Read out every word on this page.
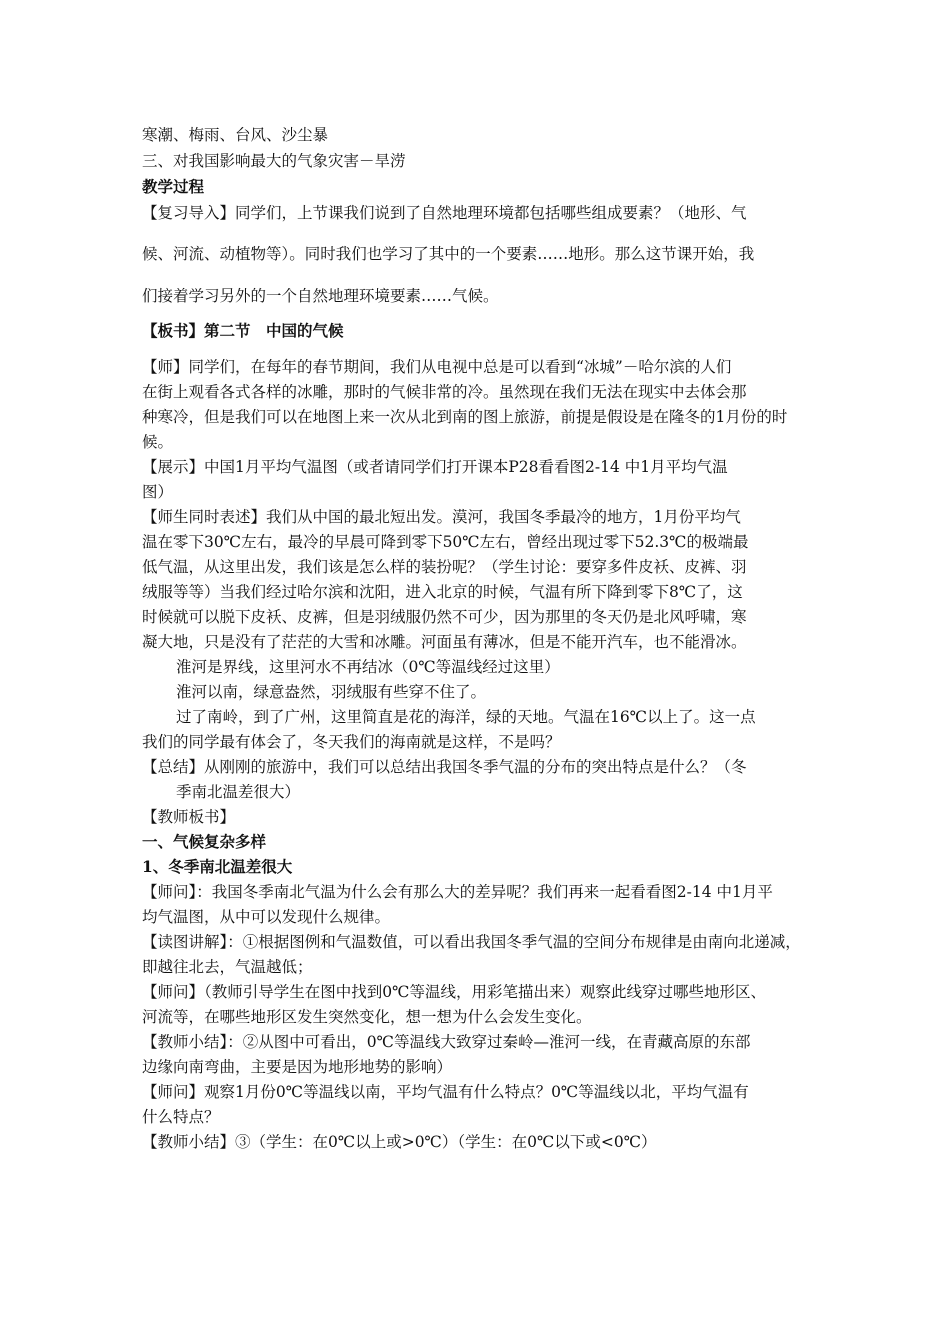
寒潮、梅雨、台风、沙尘暴
三、对我国影响最大的气象灾害－旱涝
教学过程
【复习导入】同学们，上节课我们说到了自然地理环境都包括哪些组成要素？（地形、气
候、河流、动植物等）。同时我们也学习了其中的一个要素……地形。那么这节课开始，我
们接着学习另外的一个自然地理环境要素……气候。
【板书】第二节　中国的气候
【师】同学们，在每年的春节期间，我们从电视中总是可以看到“冰城”－哈尔滨的人们
在街上观看各式各样的冰雕，那时的气候非常的冷。虽然现在我们无法在现实中去体会那
种寒冷，但是我们可以在地图上来一次从北到南的图上旅游，前提是假设是在隆冬的1月份的时
候。
【展示】中国1月平均气温图（或者请同学们打开课本P28看看图2-14 中1月平均气温
图）
【师生同时表述】我们从中国的最北短出发。漠河，我国冬季最冷的地方，1月份平均气
温在零下30℃左右，最冷的早晨可降到零下50℃左右，曾经出现过零下52.3℃的极端最
低气温，从这里出发，我们该是怎么样的装扮呢？（学生讨论：要穿多件皮袄、皮裤、羽
绒服等等）当我们经过哈尔滨和沈阳，进入北京的时候，气温有所下降到零下8℃了，这
时候就可以脱下皮袄、皮裤，但是羽绒服仍然不可少，因为那里的冬天仍是北风呼啸，寒
凝大地，只是没有了茫茫的大雪和冰雕。河面虽有薄冰，但是不能开汽车，也不能滑冰。
淮河是界线，这里河水不再结冰（0℃等温线经过这里）
淮河以南，绿意盎然，羽绒服有些穿不住了。
过了南岭，到了广州，这里简直是花的海洋，绿的天地。气温在16℃以上了。这一点
我们的同学最有体会了，冬天我们的海南就是这样，不是吗？
【总结】从刚刚的旅游中，我们可以总结出我国冬季气温的分布的突出特点是什么？（冬
季南北温差很大）
【教师板书】
一、气候复杂多样
1、冬季南北温差很大
【师问】：我国冬季南北气温为什么会有那么大的差异呢？我们再来一起看看图2-14 中1月平
均气温图，从中可以发现什么规律。
【读图讲解】：①根据图例和气温数值，可以看出我国冬季气温的空间分布规律是由南向北递减，
即越往北去，气温越低；
【师问】（教师引导学生在图中找到0℃等温线，用彩笔描出来）观察此线穿过哪些地形区、
河流等，在哪些地形区发生突然变化，想一想为什么会发生变化。
【教师小结】：②从图中可看出，0℃等温线大致穿过秦岭—淮河一线，在青藏高原的东部
边缘向南弯曲，主要是因为地形地势的影响）
【师问】观察1月份0℃等温线以南，平均气温有什么特点？0℃等温线以北，平均气温有
什么特点？
【教师小结】③（学生：在0℃以上或>0℃）（学生：在0℃以下或<0℃）
